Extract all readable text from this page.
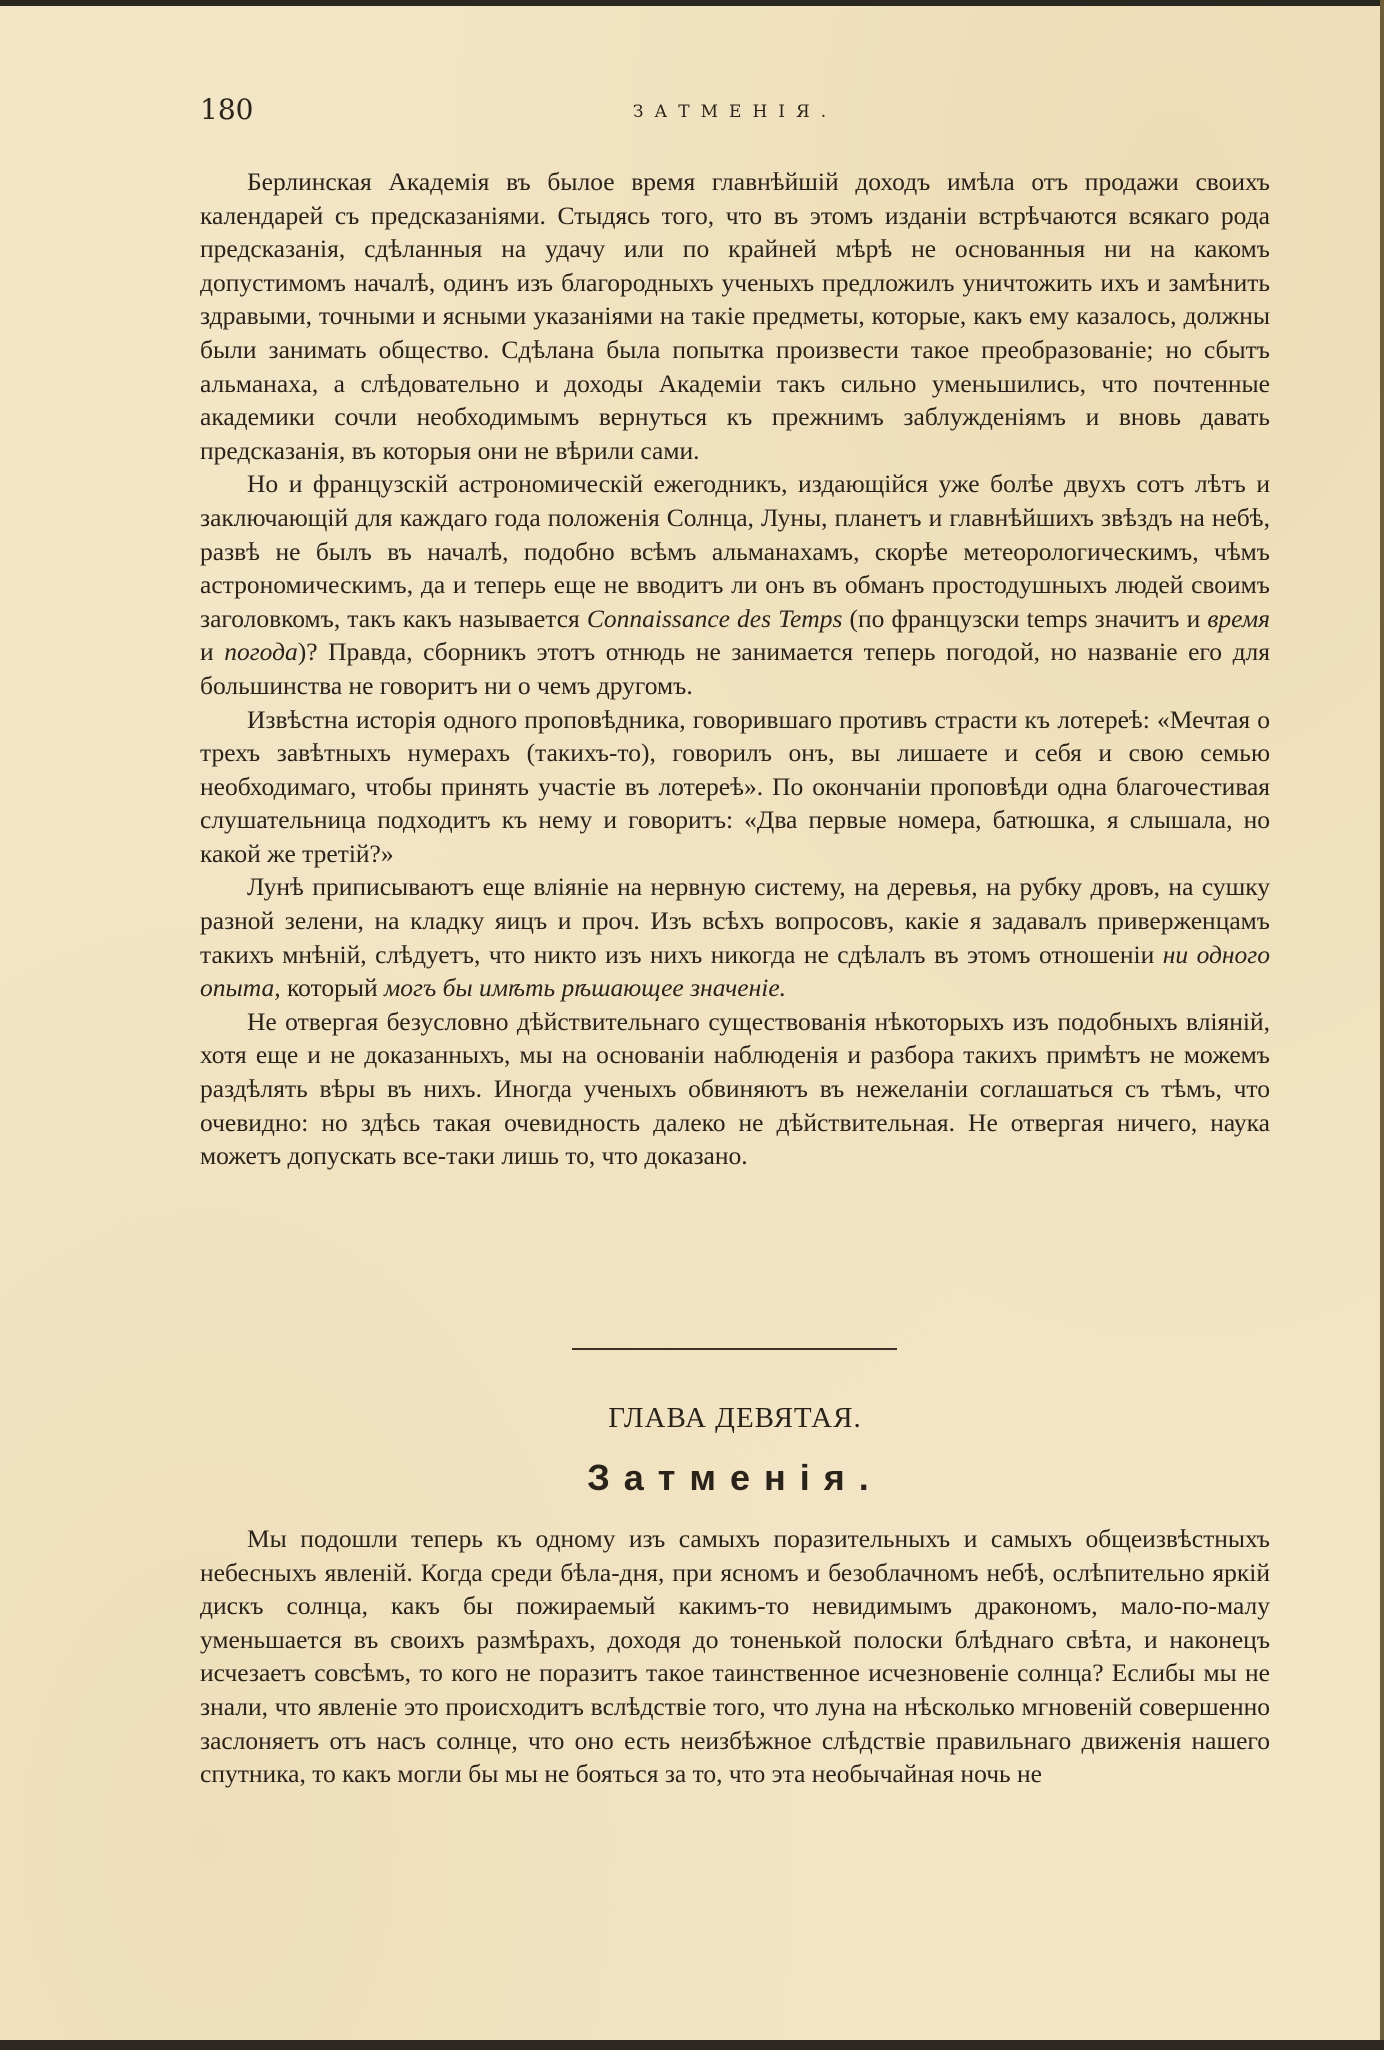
180	ЗАТМЕНІЯ.

Берлинская Академія въ былое время главнѣйшій доходъ имѣла отъ продажи своихъ календарей съ предсказаніями. Стыдясь того, что въ этомъ изданіи встрѣчаются всякаго рода предсказанія, сдѣланныя на удачу или по крайней мѣрѣ не основанныя ни на какомъ допустимомъ началѣ, одинъ изъ благородныхъ ученыхъ предложилъ уничтожить ихъ и замѣнить здравыми, точными и ясными указаніями на такіе предметы, которые, какъ ему казалось, должны были занимать общество. Сдѣлана была попытка произвести такое преобразованіе; но сбытъ альманаха, а слѣдовательно и доходы Академіи такъ сильно уменьшились, что почтенные академики сочли необходимымъ вернуться къ прежнимъ заблужденіямъ и вновь давать предсказанія, въ которыя они не вѣрили сами.

Но и французскій астрономическій ежегодникъ, издающійся уже болѣе двухъ сотъ лѣтъ и заключающій для каждаго года положенія Солнца, Луны, планетъ и главнѣйшихъ звѣздъ на небѣ, развѣ не былъ въ началѣ, подобно всѣмъ альманахамъ, скорѣе метеорологическимъ, чѣмъ астрономическимъ, да и теперь еще не вводитъ ли онъ въ обманъ простодушныхъ людей своимъ заголовкомъ, такъ какъ называется Connaissance des Temps (по французски temps значитъ и время и погода)? Правда, сборникъ этотъ отнюдь не занимается теперь погодой, но названіе его для большинства не говоритъ ни о чемъ другомъ.

Извѣстна исторія одного проповѣдника, говорившаго противъ страсти къ лотереѣ: «Мечтая о трехъ завѣтныхъ нумерахъ (такихъ-то), говорилъ онъ, вы лишаете и себя и свою семью необходимаго, чтобы принять участіе въ лотереѣ». По окончаніи проповѣди одна благочестивая слушательница подходитъ къ нему и говоритъ: «Два первые номера, батюшка, я слышала, но какой же третій?»

Лунѣ приписываютъ еще вліяніе на нервную систему, на деревья, на рубку дровъ, на сушку разной зелени, на кладку яицъ и проч. Изъ всѣхъ вопросовъ, какіе я задавалъ приверженцамъ такихъ мнѣній, слѣдуетъ, что никто изъ нихъ никогда не сдѣлалъ въ этомъ отношеніи ни одного опыта, который могъ бы имѣть рѣшающее значеніе.

Не отвергая безусловно дѣйствительнаго существованія нѣкоторыхъ изъ подобныхъ вліяній, хотя еще и не доказанныхъ, мы на основаніи наблюденія и разбора такихъ примѣтъ не можемъ раздѣлять вѣры въ нихъ. Иногда ученыхъ обвиняютъ въ нежеланіи соглашаться съ тѣмъ, что очевидно: но здѣсь такая очевидность далеко не дѣйствительная. Не отвергая ничего, наука можетъ допускать все-таки лишь то, что доказано.

ГЛАВА ДЕВЯТАЯ.
Затменія.

Мы подошли теперь къ одному изъ самыхъ поразительныхъ и самыхъ общеизвѣстныхъ небесныхъ явленій. Когда среди бѣла-дня, при ясномъ и безоблачномъ небѣ, ослѣпительно яркій дискъ солнца, какъ бы пожираемый какимъ-то невидимымъ дракономъ, мало-по-малу уменьшается въ своихъ размѣрахъ, доходя до тоненькой полоски блѣднаго свѣта, и наконецъ исчезаетъ совсѣмъ, то кого не поразитъ такое таинственное исчезновеніе солнца? Еслибы мы не знали, что явленіе это происходитъ вслѣдствіе того, что луна на нѣсколько мгновеній совершенно заслоняетъ отъ насъ солнце, что оно есть неизбѣжное слѣдствіе правильнаго движенія нашего спутника, то какъ могли бы мы не бояться за то, что эта необычайная ночь не
